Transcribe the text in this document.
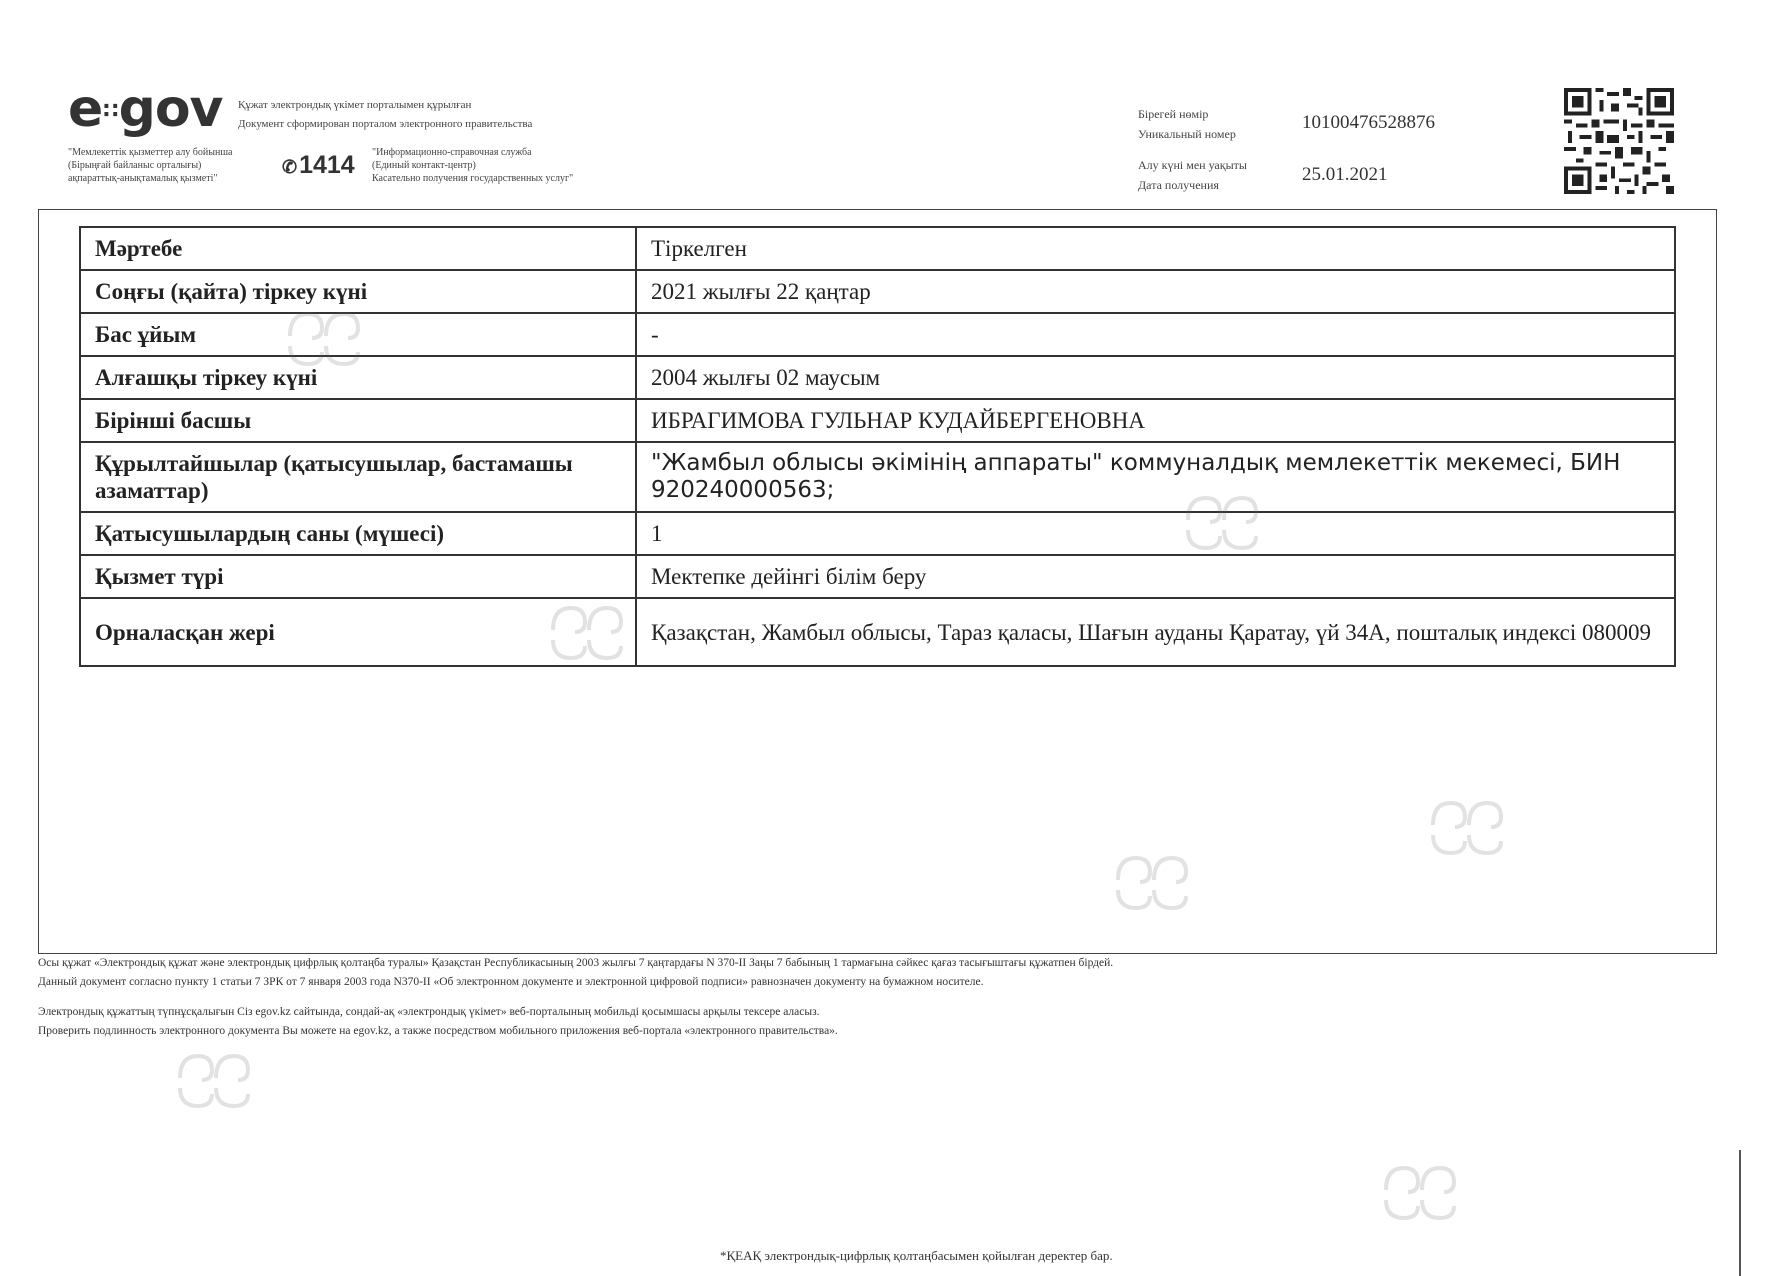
e∷gov	Құжат электрондық үкімет порталымен құрылған
Документ сформирован порталом электронного правительства
"Мемлекеттік қызметтер алу бойынша
(Бірыңғай байланыс орталығы)
ақпараттық-анықтамалық қызметі"
✆1414 "Информационно-справочная служба
(Единый контакт-центр)
Касательно получения государственных услуг"
Бірегей нөмір
Уникальный номер
10100476528876
Алу күні мен уақыты
Дата получения	25.01.2021
Мәртебе	Тіркелген
Соңғы (қайта) тіркеу күні	2021 жылғы 22 қаңтар
Бас ұйым	-
Алғашқы тіркеу күні	2004 жылғы 02 маусым
Бірінші басшы	ИБРАГИМОВА ГУЛЬНАР КУДАЙБЕРГЕНОВНА
Құрылтайшылар (қатысушылар, бастамашы азаматтар)	"Жамбыл облысы әкімінің аппараты" коммуналдық мемлекеттік мекемесі, БИН 920240000563;
Қатысушылардың саны (мүшесі)	1
Қызмет түрі	Мектепке дейінгі білім беру
Орналасқан жері	Қазақстан, Жамбыл облысы, Тараз қаласы, Шағын ауданы Қаратау, үй 34А, пошталық индексі 080009
Осы құжат «Электрондық құжат және электрондық цифрлық қолтаңба туралы» Қазақстан Республикасының 2003 жылғы 7 қаңтардағы N 370-II Заңы 7 бабының 1 тармағына сәйкес қағаз тасығыштағы құжатпен бірдей.
Данный документ согласно пункту 1 статьи 7 ЗРК от 7 января 2003 года N370-II «Об электронном документе и электронной цифровой подписи» равнозначен документу на бумажном носителе.
Электрондық құжаттың түпнұсқалығын Сіз egov.kz сайтында, сондай-ақ «электрондық үкімет» веб-порталының мобильді қосымшасы арқылы тексере аласыз.
Проверить подлинность электронного документа Вы можете на egov.kz, а также посредством мобильного приложения веб-портала «электронного правительства».
*ҚЕАҚ электрондық-цифрлық қолтаңбасымен қойылған деректер бар.
